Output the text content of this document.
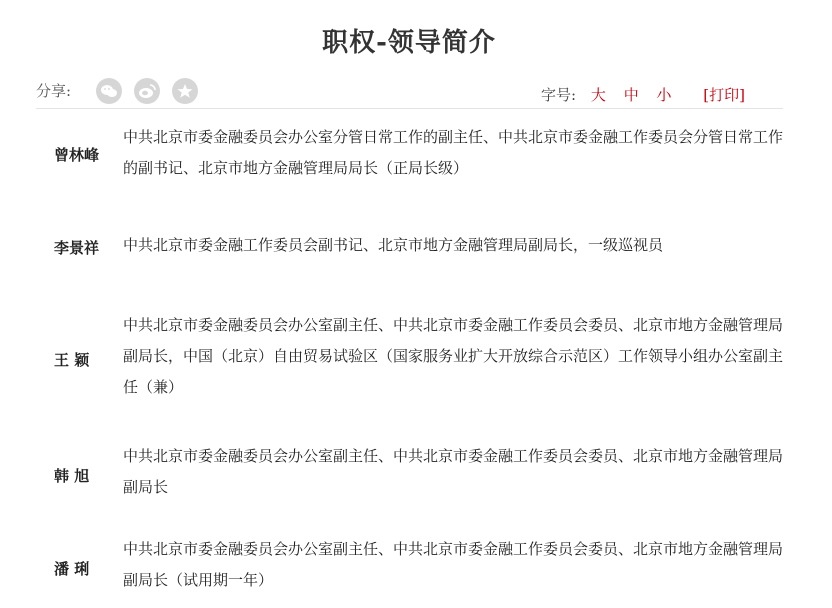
职权-领导简介
分享:	字号: 大 中 小 [打印]
曾林峰
中共北京市委金融委员会办公室分管日常工作的副主任、中共北京市委金融工作委员会分管日常工作的副书记、北京市地方金融管理局局长（正局长级）
李景祥	中共北京市委金融工作委员会副书记、北京市地方金融管理局副局长，一级巡视员
王 颖
中共北京市委金融委员会办公室副主任、中共北京市委金融工作委员会委员、北京市地方金融管理局副局长，中国（北京）自由贸易试验区（国家服务业扩大开放综合示范区）工作领导小组办公室副主任（兼）
韩 旭
中共北京市委金融委员会办公室副主任、中共北京市委金融工作委员会委员、北京市地方金融管理局副局长
潘 琍
中共北京市委金融委员会办公室副主任、中共北京市委金融工作委员会委员、北京市地方金融管理局副局长（试用期一年）
